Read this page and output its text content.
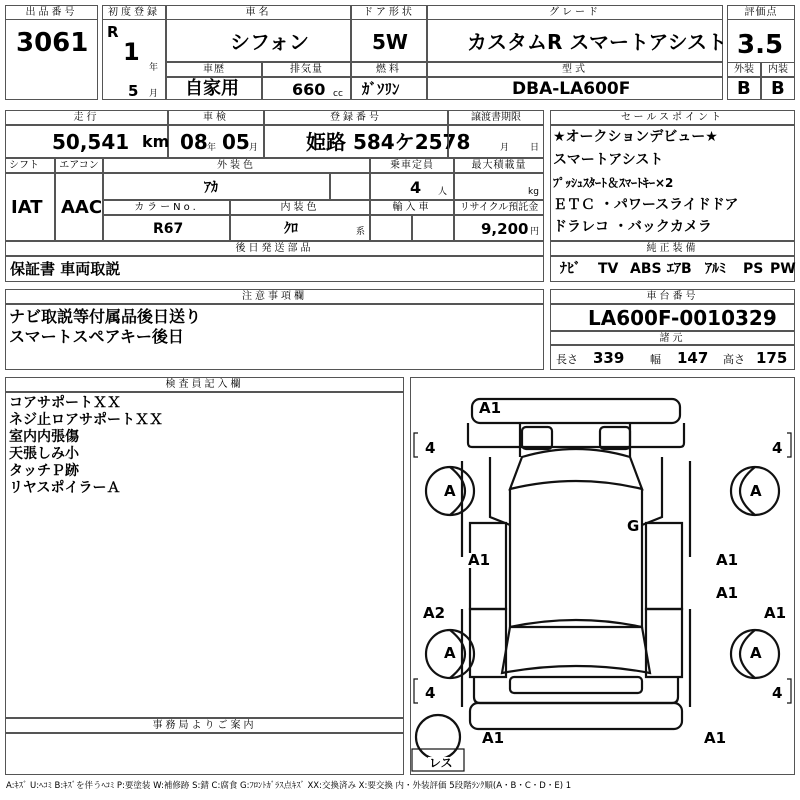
出品番号
3061
初度登録
R
1
年
5 月
車名
シフォン
ドア形状
5W
グレード
カスタムR スマートアシスト
評価点
3.5
外装	内装
B B
車歴
自家用
排気量
660 cc
燃料
ｶﾞｿﾘﾝ
型式
DBA-LA600F
走行
50,541 km
車検
08 年 05 月
登録番号
姫路 584ケ2578
譲渡書期限
月 日
シフト
IAT
エアコン
AAC
外装色
ｱｶ
乗車定員
4 人
最大積載量
kg
カラーNo.
R67
内装色
ｸﾛ	系
輸入車	リサイクル預託金
9,200 円
後日発送部品
保証書 車両取説
セールスポイント
★オークションデビュー★
スマートアシスト
ﾌﾟｯｼｭｽﾀｰﾄ＆ｽﾏｰﾄｷｰ×2
ＥＴＣ ・パワースライドドア
ドラレコ ・バックカメラ
純正装備
ﾅﾋﾞ TV ABS ｴｱB ｱﾙﾐ PS PW
注意事項欄
ナビ取説等付属品後日送り
スマートスペアキー後日
車台番号
LA600F-0010329
諸元
長さ 339 幅 147 高さ 175
検査員記入欄
コアサポートＸＸ
ネジ止ロアサポートＸＸ
室内内張傷
天張しみ小
タッチＰ跡
リヤスポイラーＡ
事務局よりご案内
A1
A	A
G
A1	A1
A1
A2	A1
A	A
A1	A1
4	4
4	4
レス
A:ｷｽﾞ U:ﾍｺﾐ B:ｷｽﾞを伴うﾍｺﾐ P:要塗装 W:補修跡 S:錆 C:腐食 G:ﾌﾛﾝﾄｶﾞﾗｽ点ｷｽﾞ XX:交換済み X:要交換 内・外装評価 5段階ﾗﾝｸ順(A・B・C・D・E) 1
